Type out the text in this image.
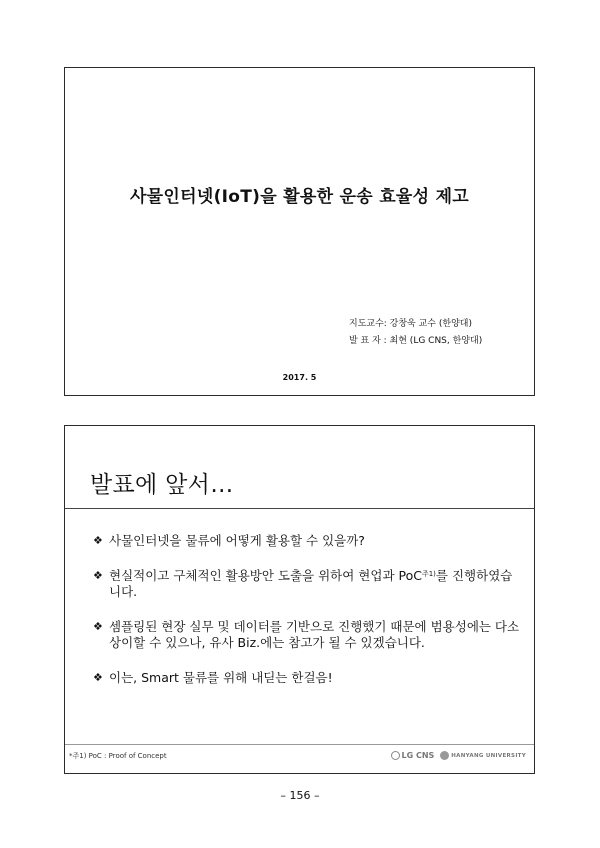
사물인터넷(IoT)을 활용한 운송 효율성 제고
지도교수: 강창욱 교수 (한양대)
발 표 자 : 최현 (LG CNS, 한양대)
2017. 5
발표에 앞서…
❖ 사물인터넷을 물류에 어떻게 활용할 수 있을까?
❖ 현실적이고 구체적인 활용방안 도출을 위하여 현업과 PoC$^{주1)}$를 진행하였습니다.
❖ 셈플링된 현장 실무 및 데이터를 기반으로 진행했기 때문에 범용성에는 다소 상이할 수 있으나, 유사 Biz.에는 참고가 될 수 있겠습니다.
❖ 이는, Smart 물류를 위해 내딛는 한걸음!
*주1) PoC : Proof of Concept	LG CNS	HANYANG UNIVERSITY
– 156 –
